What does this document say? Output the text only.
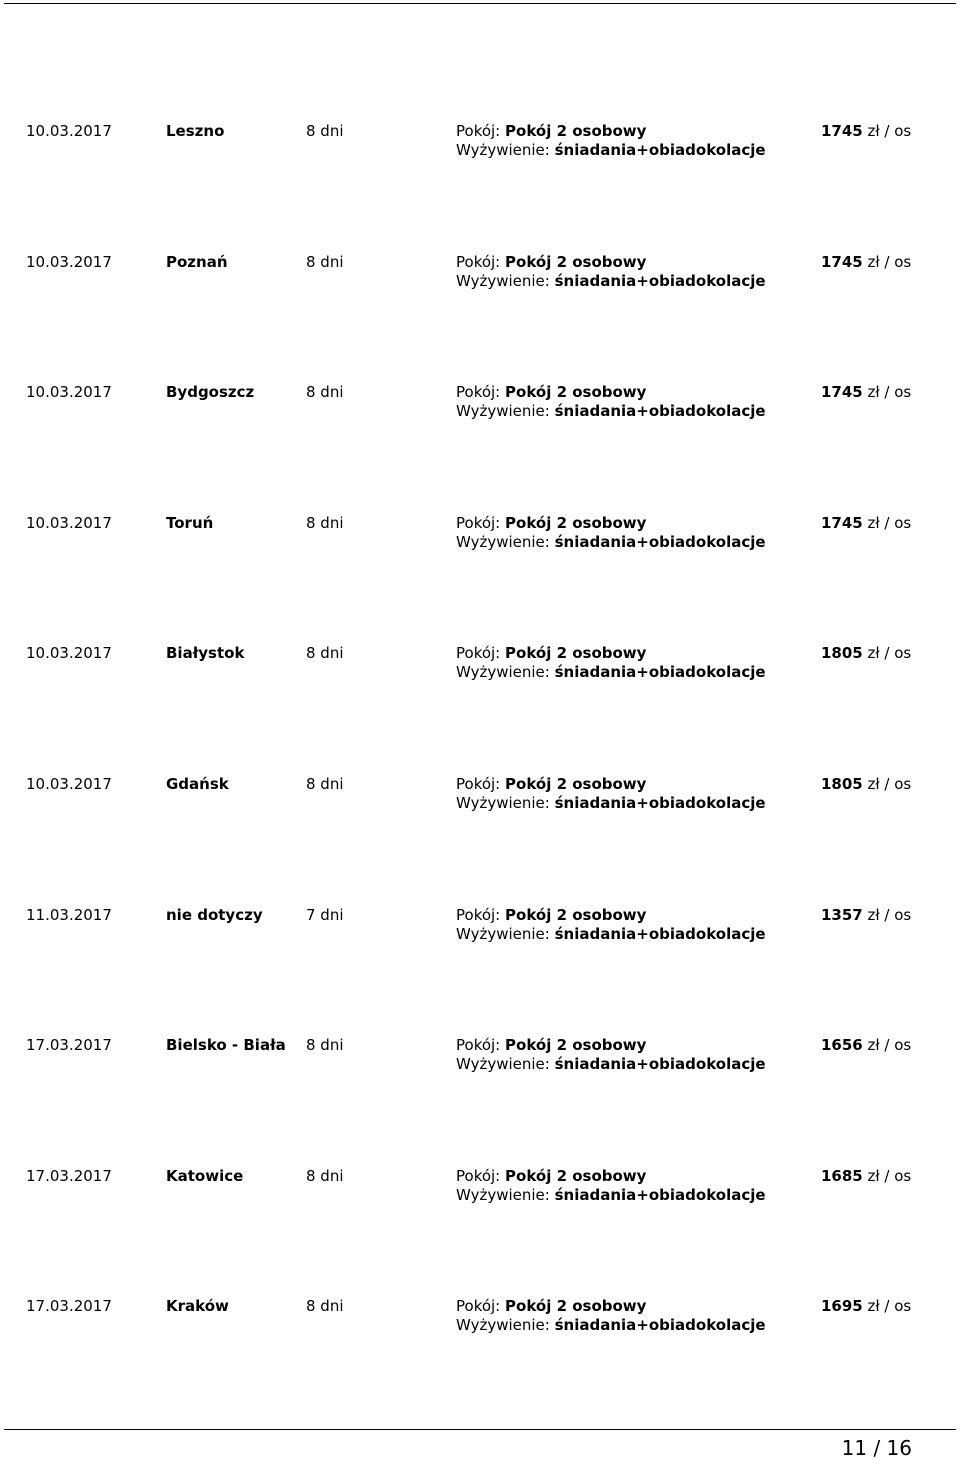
10.03.2017	Leszno	8 dni	Pokój: Pokój 2 osobowy
Wyżywienie: śniadania+obiadokolacje
1745 zł / os
10.03.2017	Poznań	8 dni	Pokój: Pokój 2 osobowy
Wyżywienie: śniadania+obiadokolacje
1745 zł / os
10.03.2017	Bydgoszcz	8 dni	Pokój: Pokój 2 osobowy
Wyżywienie: śniadania+obiadokolacje
1745 zł / os
10.03.2017	Toruń	8 dni	Pokój: Pokój 2 osobowy
Wyżywienie: śniadania+obiadokolacje
1745 zł / os
10.03.2017	Białystok	8 dni	Pokój: Pokój 2 osobowy
Wyżywienie: śniadania+obiadokolacje
1805 zł / os
10.03.2017	Gdańsk	8 dni	Pokój: Pokój 2 osobowy
Wyżywienie: śniadania+obiadokolacje
1805 zł / os
11.03.2017	nie dotyczy	7 dni	Pokój: Pokój 2 osobowy
Wyżywienie: śniadania+obiadokolacje
1357 zł / os
17.03.2017	Bielsko - Biała 8 dni	Pokój: Pokój 2 osobowy
Wyżywienie: śniadania+obiadokolacje
1656 zł / os
17.03.2017	Katowice	8 dni	Pokój: Pokój 2 osobowy
Wyżywienie: śniadania+obiadokolacje
1685 zł / os
17.03.2017	Kraków	8 dni	Pokój: Pokój 2 osobowy
Wyżywienie: śniadania+obiadokolacje
1695 zł / os
11 / 16
